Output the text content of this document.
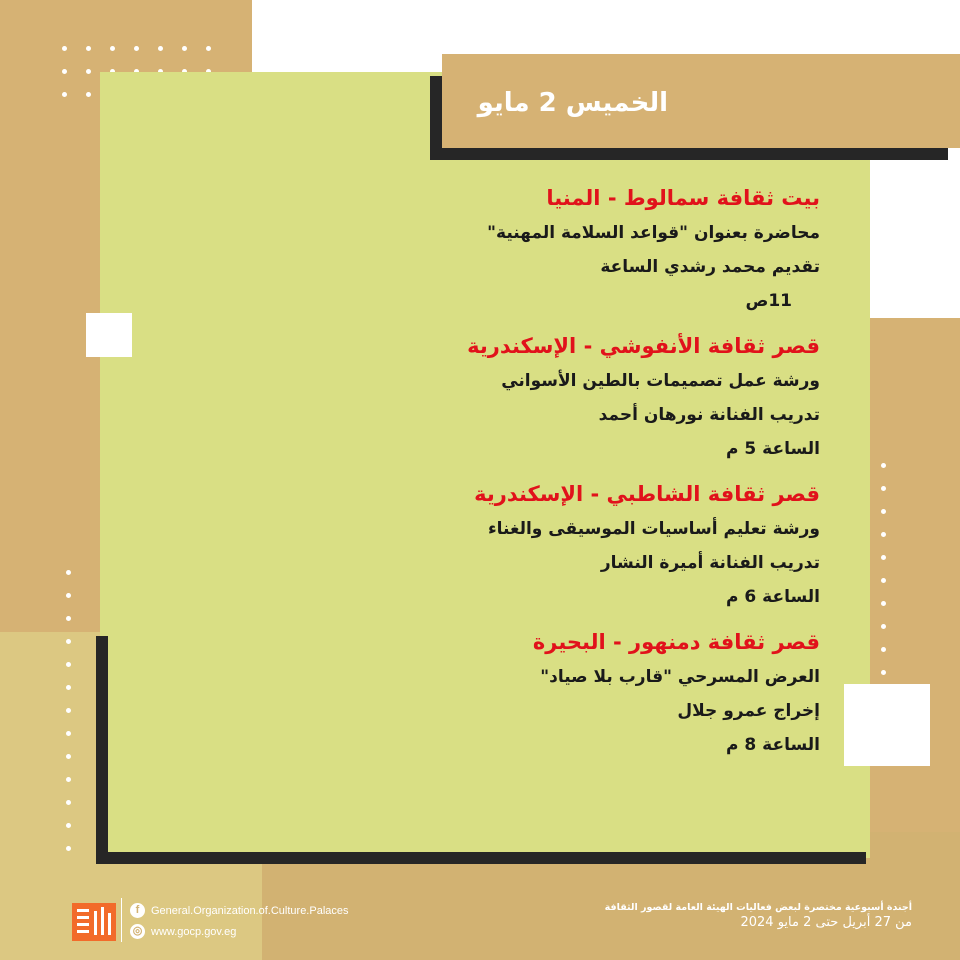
الخميس 2 مايو
بيت ثقافة سمالوط - المنيا
محاضرة بعنوان "قواعد السلامة المهنية"
تقديم محمد رشدي الساعة
11ص
قصر ثقافة الأنفوشي - الإسكندرية
ورشة عمل تصميمات بالطين الأسواني
تدريب الفنانة نورهان أحمد
الساعة 5 م
قصر ثقافة الشاطبي - الإسكندرية
ورشة تعليم أساسيات الموسيقى والغناء
تدريب الفنانة أميرة النشار
الساعة 6 م
قصر ثقافة دمنهور - البحيرة
العرض المسرحي "قارب بلا صياد"
إخراج عمرو جلال
الساعة 8 م
f	General.Organization.of.Culture.Palaces
◎ www.gocp.gov.eg
أجندة أسبوعية مختصرة لبعض فعاليات الهيئة العامة لقصور الثقافة
من 27 أبريل حتى 2 مايو 2024
